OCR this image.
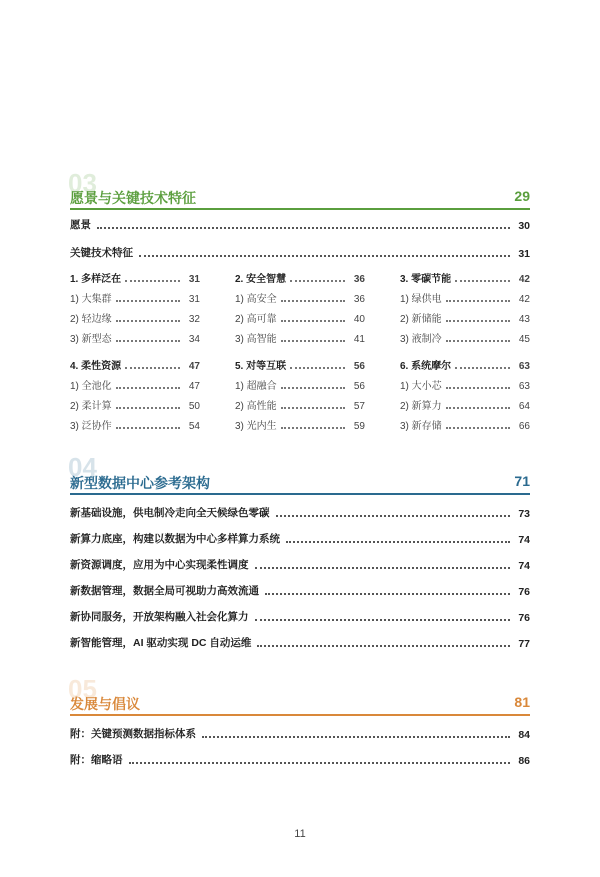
03
愿景与关键技术特征	29
愿景	30
关键技术特征	31
1. 多样泛在	31
1) 大集群	31
2) 轻边缘	32
3) 新型态	34
2. 安全智慧	36
1) 高安全	36
2) 高可靠	40
3) 高智能	41
3. 零碳节能	42
1) 绿供电	42
2) 新储能	43
3) 液制冷	45
4. 柔性资源	47
1) 全池化	47
2) 柔计算	50
3) 泛协作	54
5. 对等互联	56
1) 超融合	56
2) 高性能	57
3) 光内生	59
6. 系统摩尔	63
1) 大小芯	63
2) 新算力	64
3) 新存储	66
04
新型数据中心参考架构	71
新基础设施，供电制冷走向全天候绿色零碳	73
新算力底座，构建以数据为中心多样算力系统	74
新资源调度，应用为中心实现柔性调度	74
新数据管理，数据全局可视助力高效流通	76
新协同服务，开放架构融入社会化算力	76
新智能管理，AI 驱动实现 DC 自动运维	77
05
发展与倡议	81
附：关键预测数据指标体系	84
附：缩略语	86
11
